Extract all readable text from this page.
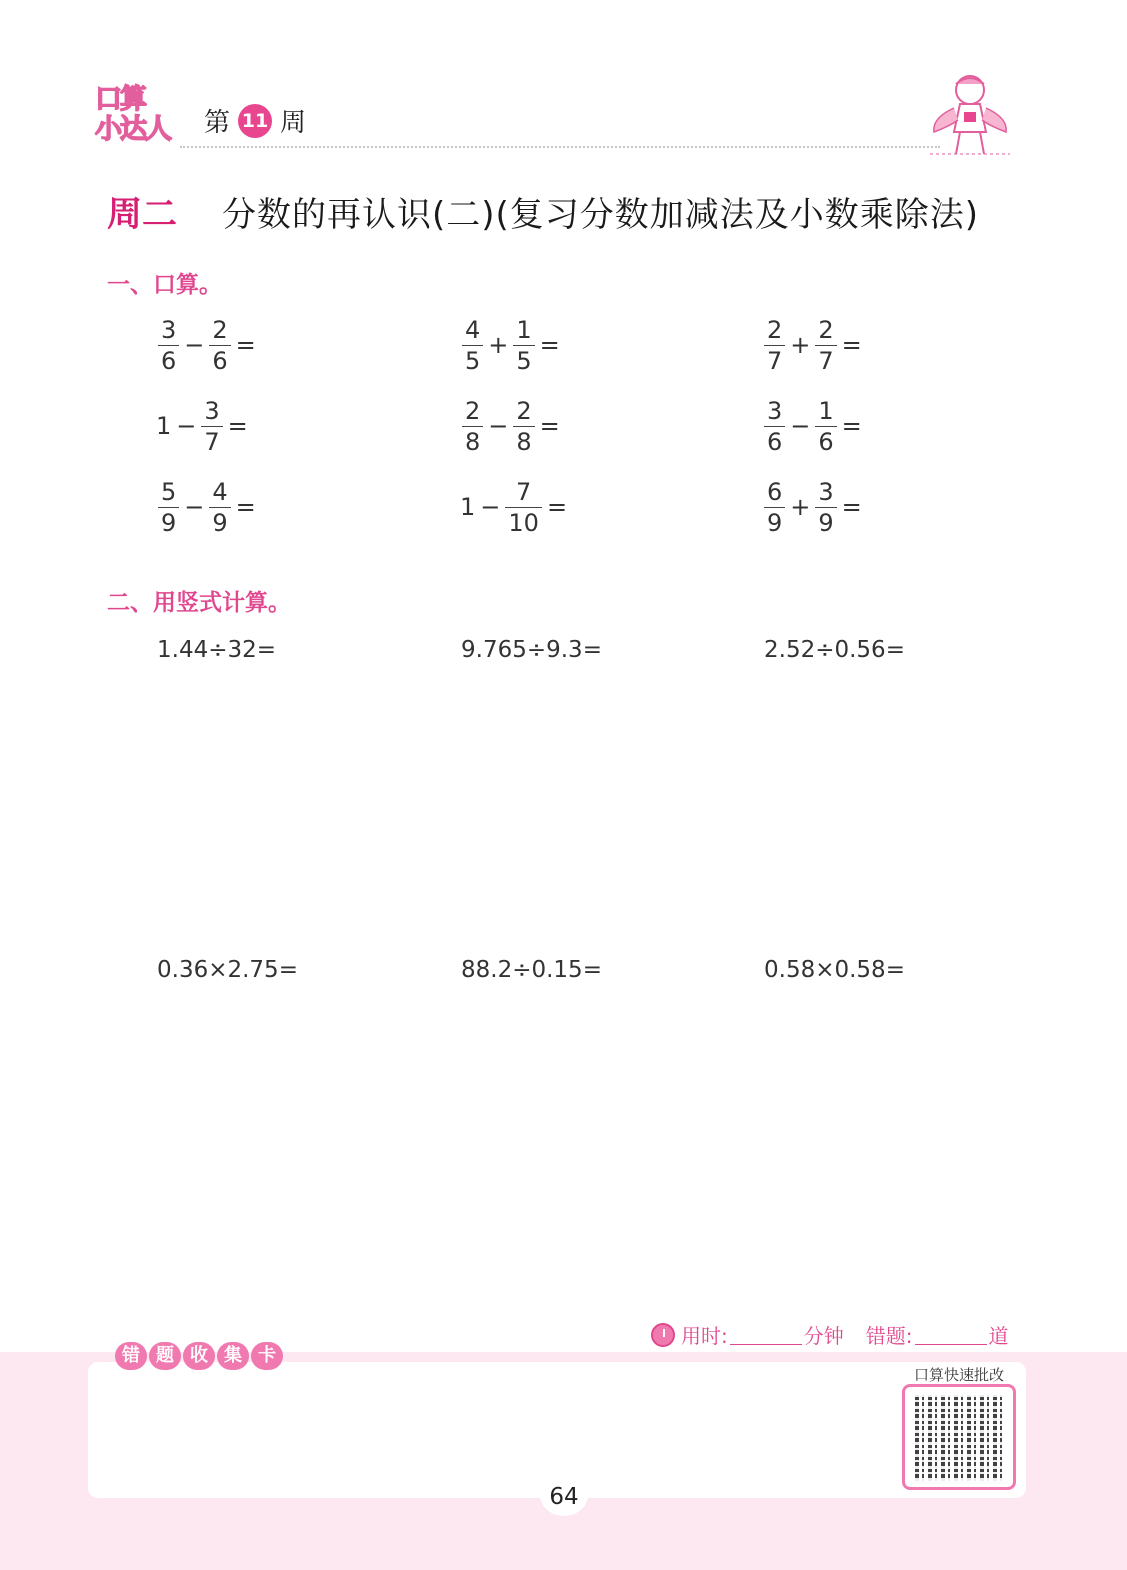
口算
小达人 第 11 周
周二 分数的再认识(二)(复习分数加减法及小数乘除法)
一、口算。
$\frac{3}{6} - \frac{2}{6}$ =	$\frac{4}{5} + \frac{1}{5}$ =	$\frac{2}{7} + \frac{2}{7}$ =
$1 - \frac{3}{7}$ =	$\frac{2}{8} - \frac{2}{8}$ =	$\frac{3}{6} - \frac{1}{6}$ =
$\frac{5}{9} - \frac{4}{9}$ =	$1 - \frac{7}{10}$ =	$\frac{6}{9} + \frac{3}{9}$ =
二、用竖式计算。
1.44÷32=	9.765÷9.3=	2.52÷0.56=
0.36×2.75=	88.2÷0.15=	0.58×0.58=
错 题 收 集 卡
用时:	分钟 错题:	道
口算快速批改
64
